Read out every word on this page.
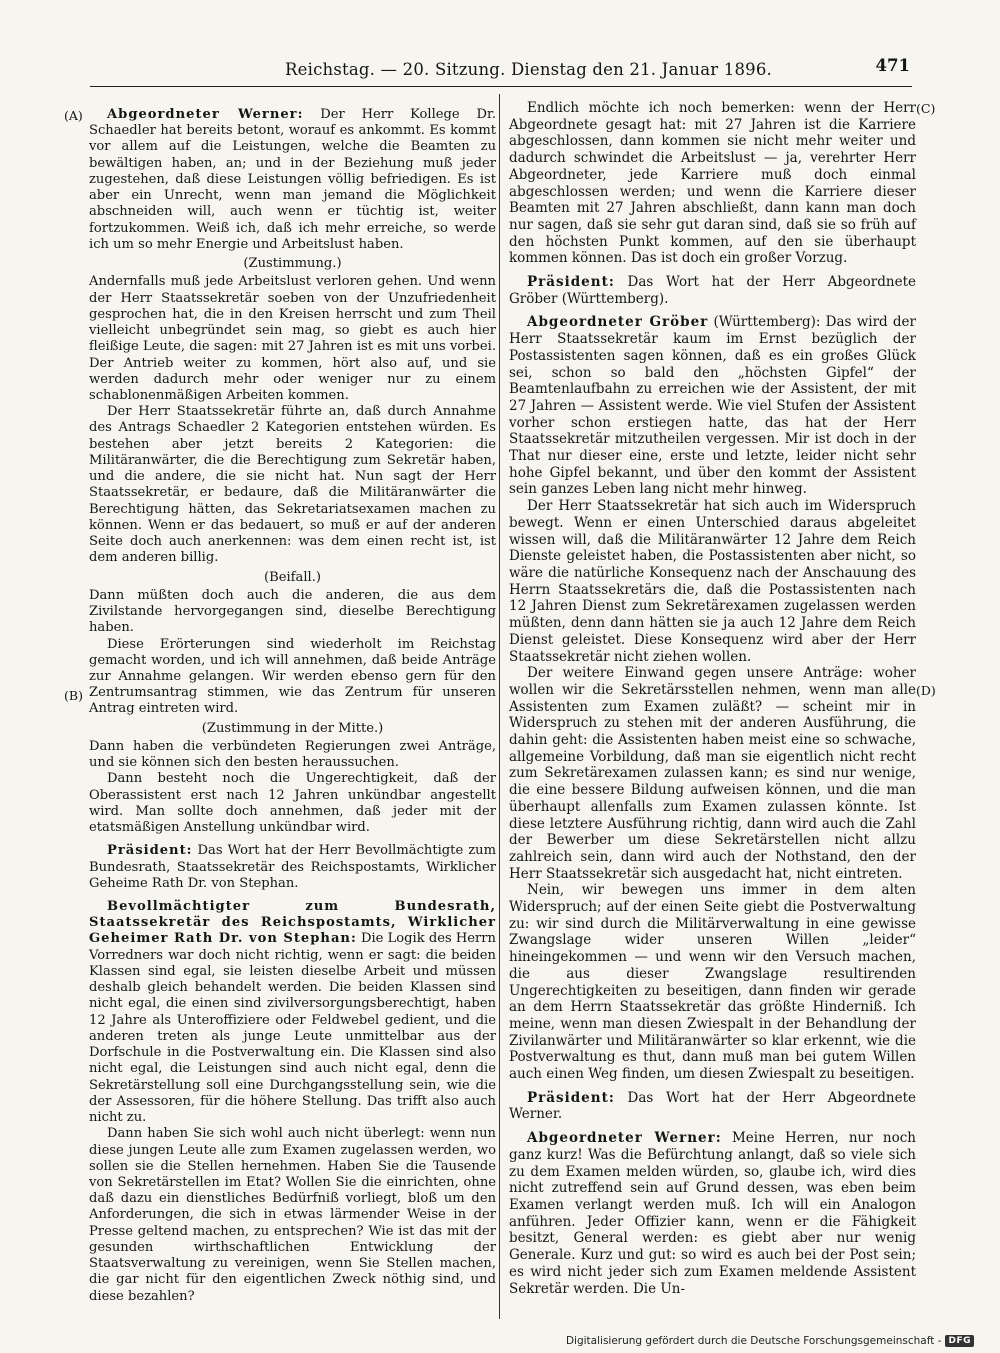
Reichstag. — 20. Sitzung. Dienstag den 21. Januar 1896.	471
(A)
(B)
(C)
(D)

Abgeordneter Werner: Der Herr Kollege Dr. Schaedler hat bereits betont, worauf es ankommt. Es kommt vor allem auf die Leistungen, welche die Beamten zu bewältigen haben, an; und in der Beziehung muß jeder zugestehen, daß diese Leistungen völlig befriedigen. Es ist aber ein Unrecht, wenn man jemand die Möglichkeit abschneiden will, auch wenn er tüchtig ist, weiter fortzukommen. Weiß ich, daß ich mehr erreiche, so werde ich um so mehr Energie und Arbeitslust haben.

(Zustimmung.)

Andernfalls muß jede Arbeitslust verloren gehen. Und wenn der Herr Staatssekretär soeben von der Unzufriedenheit gesprochen hat, die in den Kreisen herrscht und zum Theil vielleicht unbegründet sein mag, so giebt es auch hier fleißige Leute, die sagen: mit 27 Jahren ist es mit uns vorbei. Der Antrieb weiter zu kommen, hört also auf, und sie werden dadurch mehr oder weniger nur zu einem schablonenmäßigen Arbeiten kommen.

Der Herr Staatssekretär führte an, daß durch Annahme des Antrags Schaedler 2 Kategorien entstehen würden. Es bestehen aber jetzt bereits 2 Kategorien: die Militäranwärter, die die Berechtigung zum Sekretär haben, und die andere, die sie nicht hat. Nun sagt der Herr Staatssekretär, er bedaure, daß die Militäranwärter die Berechtigung hätten, das Sekretariatsexamen machen zu können. Wenn er das bedauert, so muß er auf der anderen Seite doch auch anerkennen: was dem einen recht ist, ist dem anderen billig.

(Beifall.)

Dann müßten doch auch die anderen, die aus dem Zivilstande hervorgegangen sind, dieselbe Berechtigung haben.

Diese Erörterungen sind wiederholt im Reichstag gemacht worden, und ich will annehmen, daß beide Anträge zur Annahme gelangen. Wir werden ebenso gern für den Zentrumsantrag stimmen, wie das Zentrum für unseren Antrag eintreten wird.

(Zustimmung in der Mitte.)

Dann haben die verbündeten Regierungen zwei Anträge, und sie können sich den besten heraussuchen.

Dann besteht noch die Ungerechtigkeit, daß der Oberassistent erst nach 12 Jahren unkündbar angestellt wird. Man sollte doch annehmen, daß jeder mit der etatsmäßigen Anstellung unkündbar wird.

Präsident: Das Wort hat der Herr Bevollmächtigte zum Bundesrath, Staatssekretär des Reichspostamts, Wirklicher Geheime Rath Dr. von Stephan.

Bevollmächtigter zum Bundesrath, Staatssekretär des Reichspostamts, Wirklicher Geheimer Rath Dr. von Stephan: Die Logik des Herrn Vorredners war doch nicht richtig, wenn er sagt: die beiden Klassen sind egal, sie leisten dieselbe Arbeit und müssen deshalb gleich behandelt werden. Die beiden Klassen sind nicht egal, die einen sind zivilversorgungsberechtigt, haben 12 Jahre als Unteroffiziere oder Feldwebel gedient, und die anderen treten als junge Leute unmittelbar aus der Dorfschule in die Postverwaltung ein. Die Klassen sind also nicht egal, die Leistungen sind auch nicht egal, denn die Sekretärstellung soll eine Durchgangsstellung sein, wie die der Assessoren, für die höhere Stellung. Das trifft also auch nicht zu.

Dann haben Sie sich wohl auch nicht überlegt: wenn nun diese jungen Leute alle zum Examen zugelassen werden, wo sollen sie die Stellen hernehmen. Haben Sie die Tausende von Sekretärstellen im Etat? Wollen Sie die einrichten, ohne daß dazu ein dienstliches Bedürfniß vorliegt, bloß um den Anforderungen, die sich in etwas lärmender Weise in der Presse geltend machen, zu entsprechen? Wie ist das mit der gesunden wirthschaftlichen Entwicklung der Staatsverwaltung zu vereinigen, wenn Sie Stellen machen, die gar nicht für den eigentlichen Zweck nöthig sind, und diese bezahlen?

Endlich möchte ich noch bemerken: wenn der Herr Abgeordnete gesagt hat: mit 27 Jahren ist die Karriere abgeschlossen, dann kommen sie nicht mehr weiter und dadurch schwindet die Arbeitslust — ja, verehrter Herr Abgeordneter, jede Karriere muß doch einmal abgeschlossen werden; und wenn die Karriere dieser Beamten mit 27 Jahren abschließt, dann kann man doch nur sagen, daß sie sehr gut daran sind, daß sie so früh auf den höchsten Punkt kommen, auf den sie überhaupt kommen können. Das ist doch ein großer Vorzug.

Präsident: Das Wort hat der Herr Abgeordnete Gröber (Württemberg).

Abgeordneter Gröber (Württemberg): Das wird der Herr Staatssekretär kaum im Ernst bezüglich der Postassistenten sagen können, daß es ein großes Glück sei, schon so bald den „höchsten Gipfel“ der Beamtenlaufbahn zu erreichen wie der Assistent, der mit 27 Jahren — Assistent werde. Wie viel Stufen der Assistent vorher schon erstiegen hatte, das hat der Herr Staatssekretär mitzutheilen vergessen. Mir ist doch in der That nur dieser eine, erste und letzte, leider nicht sehr hohe Gipfel bekannt, und über den kommt der Assistent sein ganzes Leben lang nicht mehr hinweg.

Der Herr Staatssekretär hat sich auch im Widerspruch bewegt. Wenn er einen Unterschied daraus abgeleitet wissen will, daß die Militäranwärter 12 Jahre dem Reich Dienste geleistet haben, die Postassistenten aber nicht, so wäre die natürliche Konsequenz nach der Anschauung des Herrn Staatssekretärs die, daß die Postassistenten nach 12 Jahren Dienst zum Sekretärexamen zugelassen werden müßten, denn dann hätten sie ja auch 12 Jahre dem Reich Dienst geleistet. Diese Konsequenz wird aber der Herr Staatssekretär nicht ziehen wollen.

Der weitere Einwand gegen unsere Anträge: woher wollen wir die Sekretärsstellen nehmen, wenn man alle Assistenten zum Examen zuläßt? — scheint mir in Widerspruch zu stehen mit der anderen Ausführung, die dahin geht: die Assistenten haben meist eine so schwache, allgemeine Vorbildung, daß man sie eigentlich nicht recht zum Sekretärexamen zulassen kann; es sind nur wenige, die eine bessere Bildung aufweisen können, und die man überhaupt allenfalls zum Examen zulassen könnte. Ist diese letztere Ausführung richtig, dann wird auch die Zahl der Bewerber um diese Sekretärstellen nicht allzu zahlreich sein, dann wird auch der Nothstand, den der Herr Staatssekretär sich ausgedacht hat, nicht eintreten.

Nein, wir bewegen uns immer in dem alten Widerspruch; auf der einen Seite giebt die Postverwaltung zu: wir sind durch die Militärverwaltung in eine gewisse Zwangslage wider unseren Willen „leider“ hineingekommen — und wenn wir den Versuch machen, die aus dieser Zwangslage resultirenden Ungerechtigkeiten zu beseitigen, dann finden wir gerade an dem Herrn Staatssekretär das größte Hinderniß. Ich meine, wenn man diesen Zwiespalt in der Behandlung der Zivilanwärter und Militäranwärter so klar erkennt, wie die Postverwaltung es thut, dann muß man bei gutem Willen auch einen Weg finden, um diesen Zwiespalt zu beseitigen.

Präsident: Das Wort hat der Herr Abgeordnete Werner.

Abgeordneter Werner: Meine Herren, nur noch ganz kurz! Was die Befürchtung anlangt, daß so viele sich zu dem Examen melden würden, so, glaube ich, wird dies nicht zutreffend sein auf Grund dessen, was eben beim Examen verlangt werden muß. Ich will ein Analogon anführen. Jeder Offizier kann, wenn er die Fähigkeit besitzt, General werden: es giebt aber nur wenig Generale. Kurz und gut: so wird es auch bei der Post sein; es wird nicht jeder sich zum Examen meldende Assistent Sekretär werden. Die Un-

Digitalisierung gefördert durch die Deutsche Forschungsgemeinschaft - DFG
